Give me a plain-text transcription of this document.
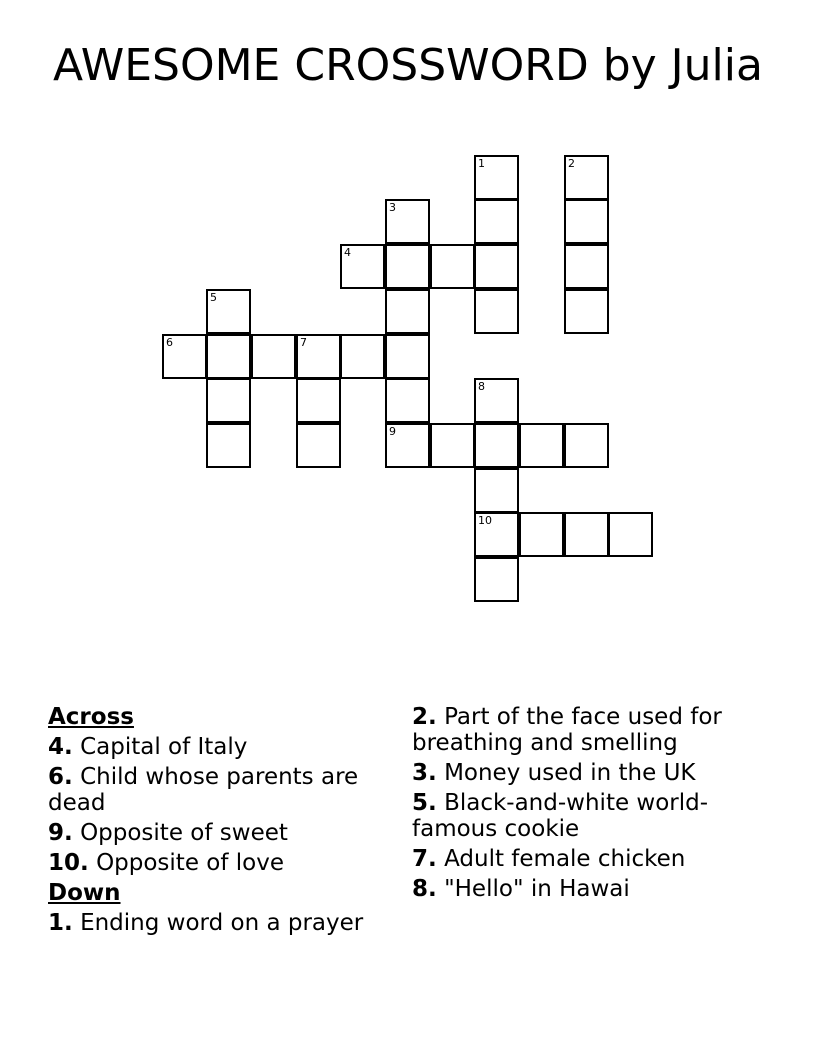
AWESOME CROSSWORD by Julia
1	2
3
4
5
6	7
8
9
10
Across
4. Capital of Italy
6. Child whose parents are dead
9. Opposite of sweet
10. Opposite of love
Down
1. Ending word on a prayer
2. Part of the face used for breathing and smelling
3. Money used in the UK
5. Black-and-white world-famous cookie
7. Adult female chicken
8. "Hello" in Hawai
